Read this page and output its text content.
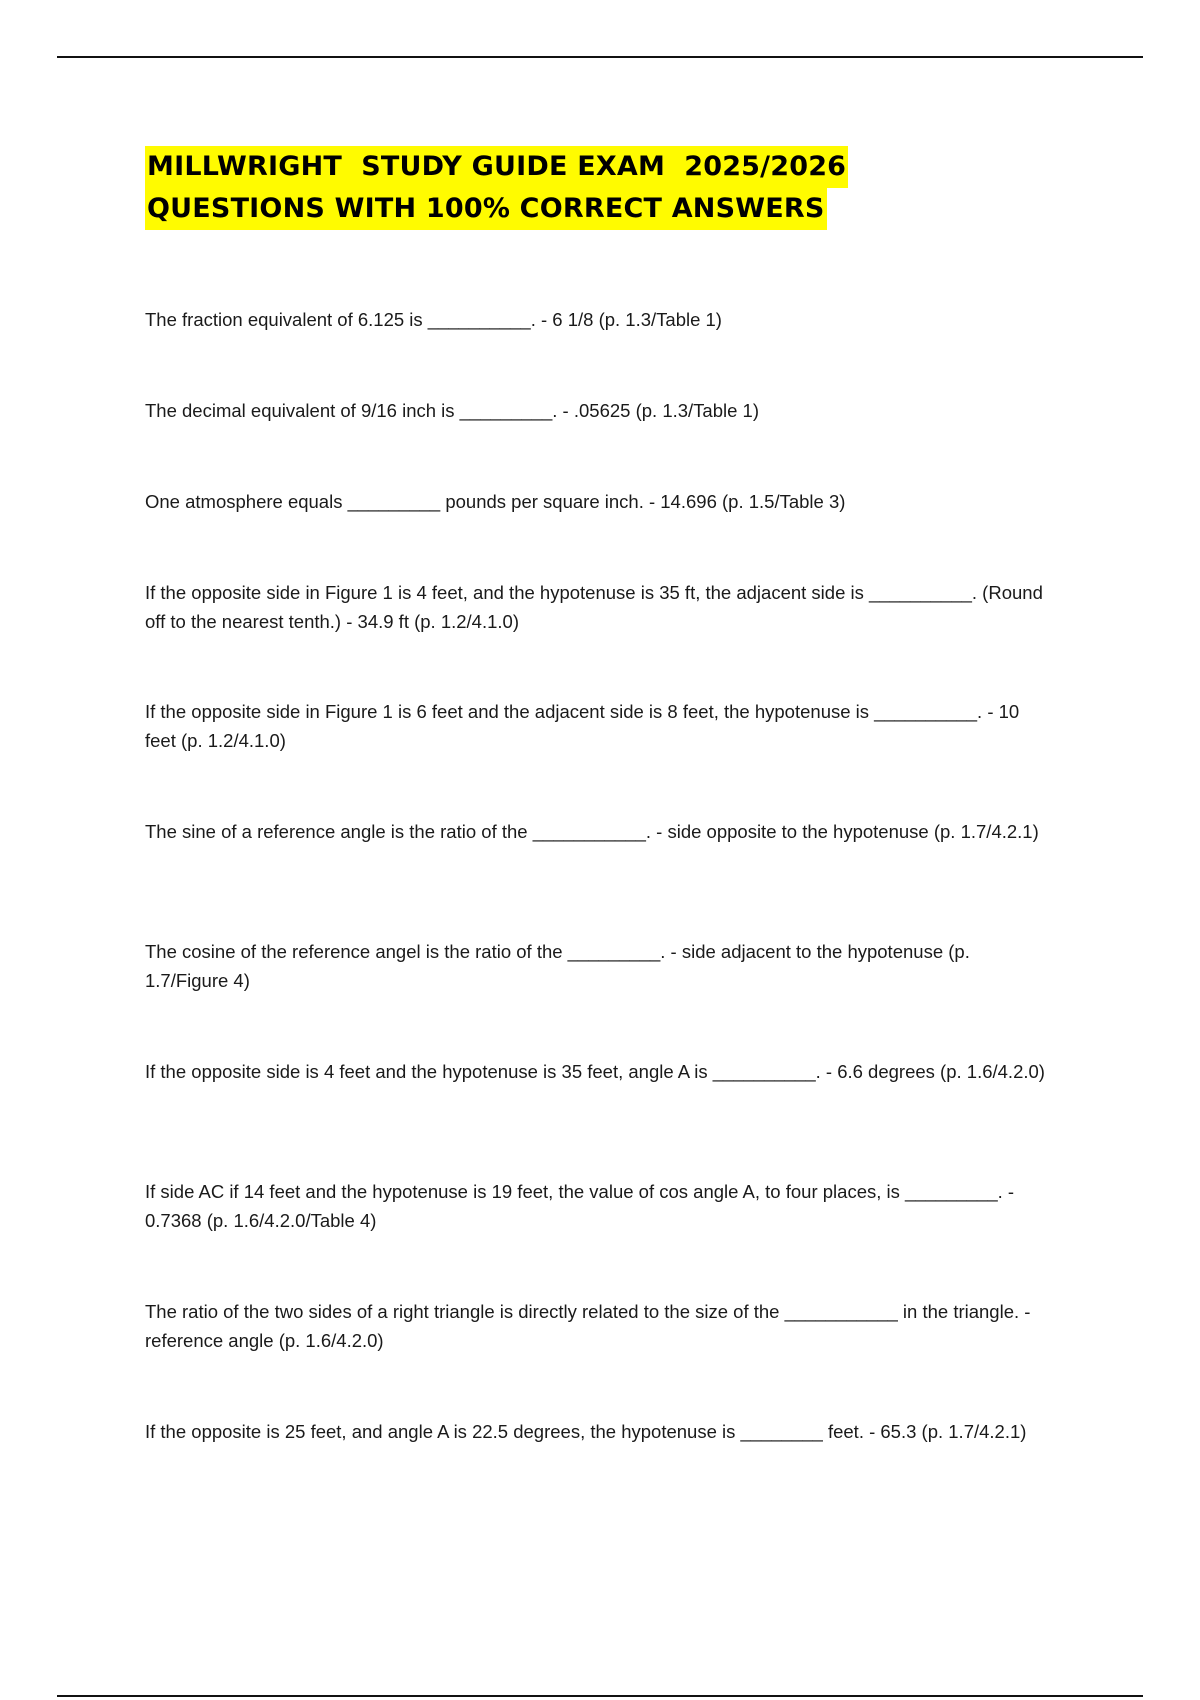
MILLWRIGHT  STUDY GUIDE EXAM  2025/2026
QUESTIONS WITH 100% CORRECT ANSWERS

The fraction equivalent of 6.125 is __________. - 6 1/8 (p. 1.3/Table 1)

The decimal equivalent of 9/16 inch is _________. - .05625 (p. 1.3/Table 1)

One atmosphere equals _________ pounds per square inch. - 14.696 (p. 1.5/Table 3)

If the opposite side in Figure 1 is 4 feet, and the hypotenuse is 35 ft, the adjacent side is __________. (Round off to the nearest tenth.) - 34.9 ft (p. 1.2/4.1.0)

If the opposite side in Figure 1 is 6 feet and the adjacent side is 8 feet, the hypotenuse is __________. - 10 feet (p. 1.2/4.1.0)

The sine of a reference angle is the ratio of the ___________. - side opposite to the hypotenuse (p. 1.7/4.2.1)

The cosine of the reference angel is the ratio of the _________. - side adjacent to the hypotenuse (p. 1.7/Figure 4)

If the opposite side is 4 feet and the hypotenuse is 35 feet, angle A is __________. - 6.6 degrees (p. 1.6/4.2.0)

If side AC if 14 feet and the hypotenuse is 19 feet, the value of cos angle A, to four places, is _________. - 0.7368 (p. 1.6/4.2.0/Table 4)

The ratio of the two sides of a right triangle is directly related to the size of the ___________ in the triangle. - reference angle (p. 1.6/4.2.0)

If the opposite is 25 feet, and angle A is 22.5 degrees, the hypotenuse is ________ feet. - 65.3 (p. 1.7/4.2.1)
